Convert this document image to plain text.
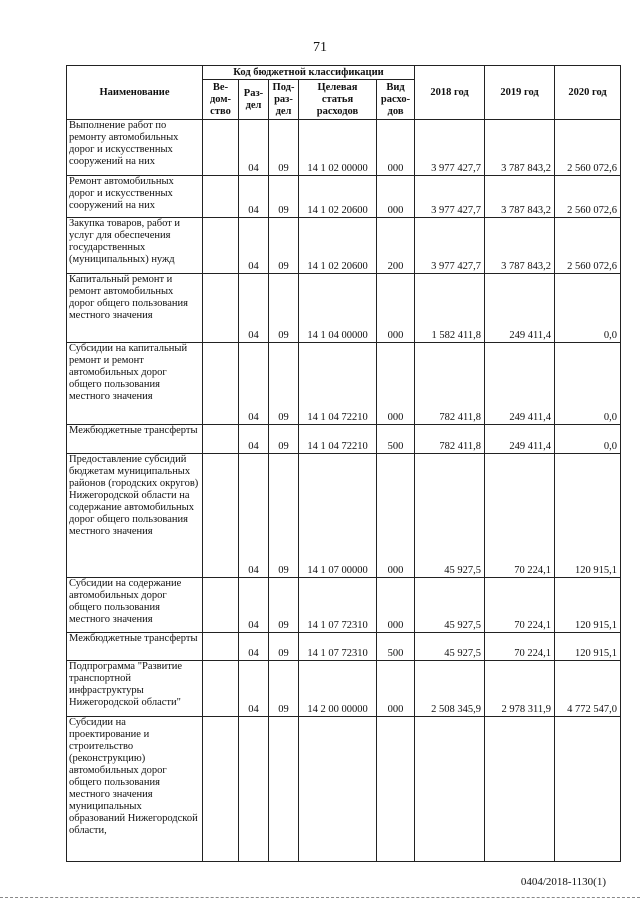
71
Наименование	Код бюджетной классификации					2018 год	2019 год	2020 год
	Ве-дом-ство	Раз-дел	Под-раз-дел	Целевая статья расходов	Вид расхо-дов			
Выполнение работ по ремонту автомобильных дорог и искусственных сооружений на них		04	09	14 1 02 00000	000	3 977 427,7	3 787 843,2	2 560 072,6
Ремонт автомобильных дорог и искусственных сооружений на них		04	09	14 1 02 20600	000	3 977 427,7	3 787 843,2	2 560 072,6
Закупка товаров, работ и услуг для обеспечения государственных (муниципальных) нужд		04	09	14 1 02 20600	200	3 977 427,7	3 787 843,2	2 560 072,6
Капитальный ремонт и ремонт автомобильных дорог общего пользования местного значения		04	09	14 1 04 00000	000	1 582 411,8	249 411,4	0,0
Субсидии на капитальный ремонт и ремонт автомобильных дорог общего пользования местного значения		04	09	14 1 04 72210	000	782 411,8	249 411,4	0,0
Межбюджетные трансферты		04	09	14 1 04 72210	500	782 411,8	249 411,4	0,0
Предоставление субсидий бюджетам муниципальных районов (городских округов) Нижегородской области на содержание автомобильных дорог общего пользования местного значения		04	09	14 1 07 00000	000	45 927,5	70 224,1	120 915,1
Субсидии на содержание автомобильных дорог общего пользования местного значения		04	09	14 1 07 72310	000	45 927,5	70 224,1	120 915,1
Межбюджетные трансферты		04	09	14 1 07 72310	500	45 927,5	70 224,1	120 915,1
Подпрограмма "Развитие транспортной инфраструктуры Нижегородской области"		04	09	14 2 00 00000	000	2 508 345,9	2 978 311,9	4 772 547,0
Субсидии на проектирование и строительство (реконструкцию) автомобильных дорог общего пользования местного значения муниципальных образований Нижегородской области,								
0404/2018-1130(1)
